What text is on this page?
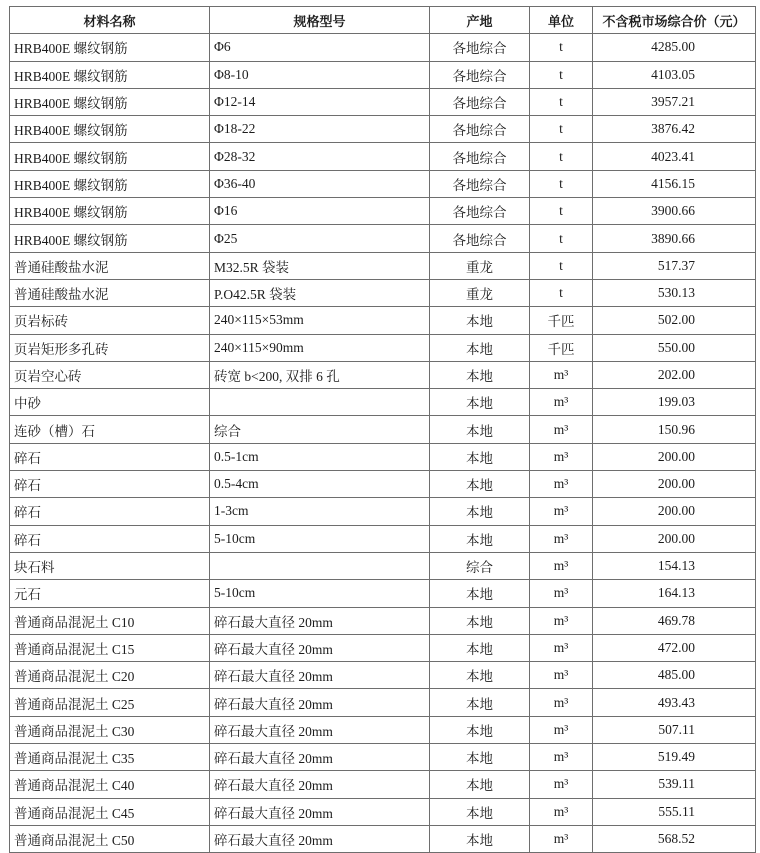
材料名称	规格型号	产地	单位	不含税市场综合价（元）
HRB400E 螺纹钢筋	Φ6	各地综合	t	4285.00
HRB400E 螺纹钢筋	Φ8-10	各地综合	t	4103.05
HRB400E 螺纹钢筋	Φ12-14	各地综合	t	3957.21
HRB400E 螺纹钢筋	Φ18-22	各地综合	t	3876.42
HRB400E 螺纹钢筋	Φ28-32	各地综合	t	4023.41
HRB400E 螺纹钢筋	Φ36-40	各地综合	t	4156.15
HRB400E 螺纹钢筋	Φ16	各地综合	t	3900.66
HRB400E 螺纹钢筋	Φ25	各地综合	t	3890.66
普通硅酸盐水泥	M32.5R 袋装	重龙	t	517.37
普通硅酸盐水泥	P.O42.5R 袋装	重龙	t	530.13
页岩标砖	240×115×53mm	本地	千匹	502.00
页岩矩形多孔砖	240×115×90mm	本地	千匹	550.00
页岩空心砖	砖宽 b<200, 双排 6 孔	本地	m³	202.00
中砂		本地	m³	199.03
连砂（槽）石	综合	本地	m³	150.96
碎石	0.5-1cm	本地	m³	200.00
碎石	0.5-4cm	本地	m³	200.00
碎石	1-3cm	本地	m³	200.00
碎石	5-10cm	本地	m³	200.00
块石料		综合	m³	154.13
元石	5-10cm	本地	m³	164.13
普通商品混泥土 C10	碎石最大直径 20mm	本地	m³	469.78
普通商品混泥土 C15	碎石最大直径 20mm	本地	m³	472.00
普通商品混泥土 C20	碎石最大直径 20mm	本地	m³	485.00
普通商品混泥土 C25	碎石最大直径 20mm	本地	m³	493.43
普通商品混泥土 C30	碎石最大直径 20mm	本地	m³	507.11
普通商品混泥土 C35	碎石最大直径 20mm	本地	m³	519.49
普通商品混泥土 C40	碎石最大直径 20mm	本地	m³	539.11
普通商品混泥土 C45	碎石最大直径 20mm	本地	m³	555.11
普通商品混泥土 C50	碎石最大直径 20mm	本地	m³	568.52
